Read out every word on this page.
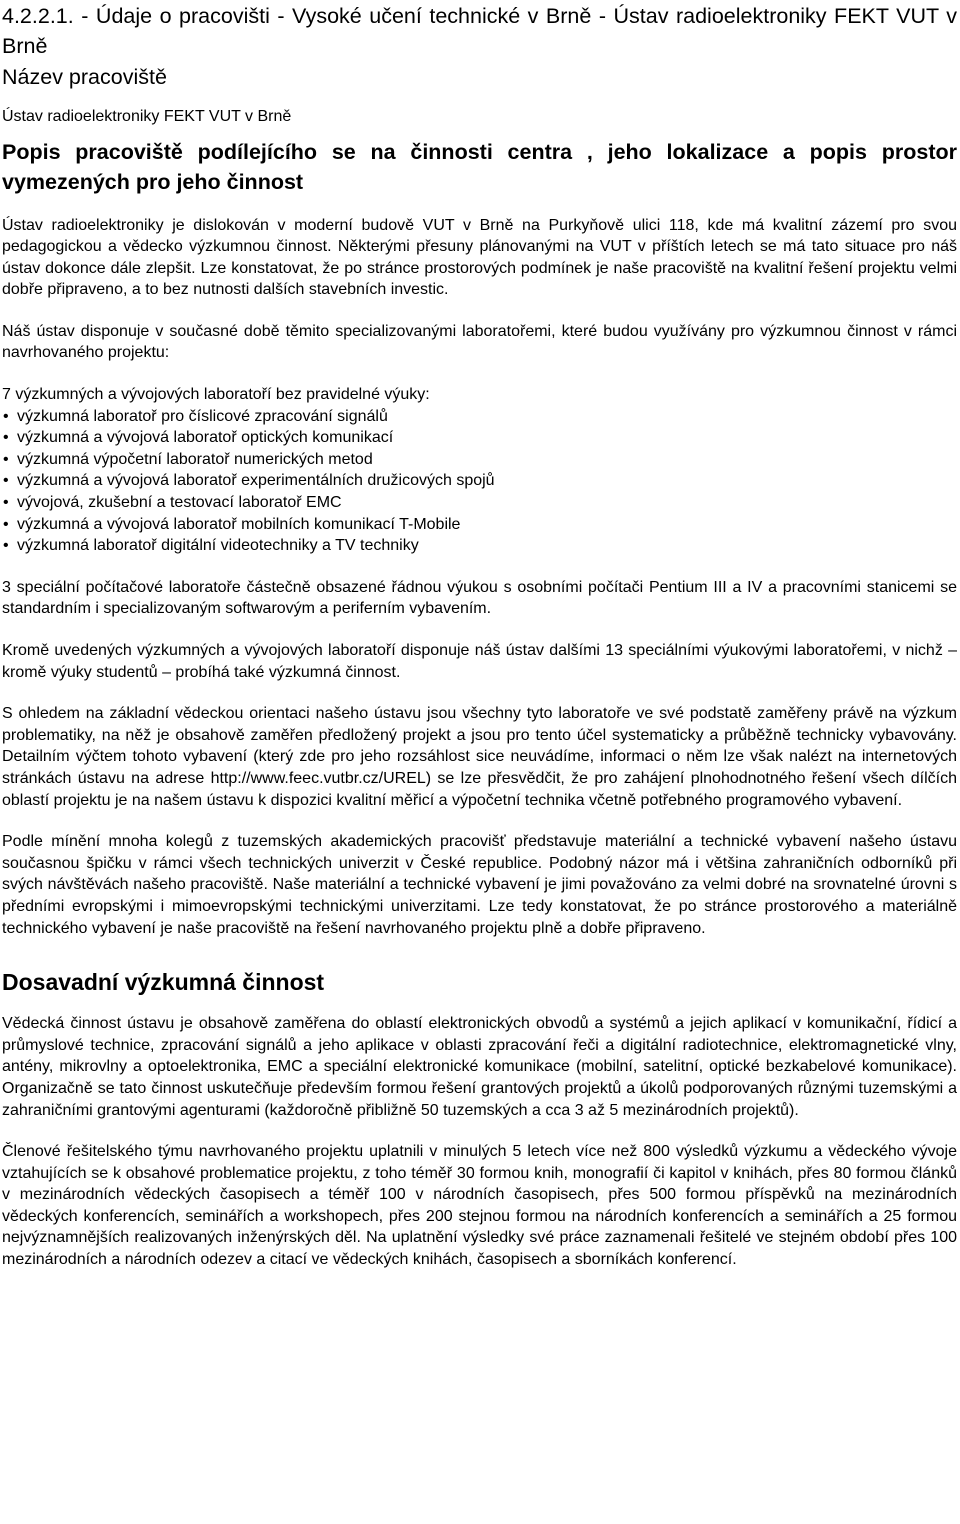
4.2.2.1. - Údaje o pracovišti - Vysoké učení technické v Brně - Ústav radioelektroniky FEKT VUT v Brně
Název pracoviště

Ústav radioelektroniky FEKT VUT v Brně

Popis pracoviště podílejícího se na činnosti centra , jeho lokalizace a popis prostor vymezených pro jeho činnost

Ústav radioelektroniky je dislokován v moderní budově VUT v Brně na Purkyňově ulici 118, kde má kvalitní zázemí pro svou pedagogickou a vědecko výzkumnou činnost. Některými přesuny plánovanými na VUT v příštích letech se má tato situace pro náš ústav dokonce dále zlepšit. Lze konstatovat, že po stránce prostorových podmínek je naše pracoviště na kvalitní řešení projektu velmi dobře připraveno, a to bez nutnosti dalších stavebních investic.

Náš ústav disponuje v současné době těmito specializovanými laboratořemi, které budou využívány pro výzkumnou činnost v rámci navrhovaného projektu:

7 výzkumných a vývojových laboratoří bez pravidelné výuky:

• výzkumná laboratoř pro číslicové zpracování signálů
• výzkumná a vývojová laboratoř optických komunikací
• výzkumná výpočetní laboratoř numerických metod
• výzkumná a vývojová laboratoř experimentálních družicových spojů
• vývojová, zkušební a testovací laboratoř EMC
• výzkumná a vývojová laboratoř mobilních komunikací T-Mobile
• výzkumná laboratoř digitální videotechniky a TV techniky

3 speciální počítačové laboratoře částečně obsazené řádnou výukou s osobními počítači Pentium III a IV a pracovními stanicemi se standardním i specializovaným softwarovým a periferním vybavením.

Kromě uvedených výzkumných a vývojových laboratoří disponuje náš ústav dalšími 13 speciálními výukovými laboratořemi, v nichž – kromě výuky studentů – probíhá také výzkumná činnost.

S ohledem na základní vědeckou orientaci našeho ústavu jsou všechny tyto laboratoře ve své podstatě zaměřeny právě na výzkum problematiky, na něž je obsahově zaměřen předložený projekt a jsou pro tento účel systematicky a průběžně technicky vybavovány. Detailním výčtem tohoto vybavení (který zde pro jeho rozsáhlost sice neuvádíme, informaci o něm lze však nalézt na internetových stránkách ústavu na adrese http://www.feec.vutbr.cz/UREL) se lze přesvědčit, že pro zahájení plnohodnotného řešení všech dílčích oblastí projektu je na našem ústavu k dispozici kvalitní měřicí a výpočetní technika včetně potřebného programového vybavení.

Podle mínění mnoha kolegů z tuzemských akademických pracovišť představuje materiální a technické vybavení našeho ústavu současnou špičku v rámci všech technických univerzit v České republice. Podobný názor má i většina zahraničních odborníků při svých návštěvách našeho pracoviště. Naše materiální a technické vybavení je jimi považováno za velmi dobré na srovnatelné úrovni s předními evropskými i mimoevropskými technickými univerzitami. Lze tedy konstatovat, že po stránce prostorového a materiálně technického vybavení je naše pracoviště na řešení navrhovaného projektu plně a dobře připraveno.

Dosavadní výzkumná činnost

Vědecká činnost ústavu je obsahově zaměřena do oblastí elektronických obvodů a systémů a jejich aplikací v komunikační, řídicí a průmyslové technice, zpracování signálů a jeho aplikace v oblasti zpracování řeči a digitální radiotechnice, elektromagnetické vlny, antény, mikrovlny a optoelektronika, EMC a speciální elektronické komunikace (mobilní, satelitní, optické bezkabelové komunikace). Organizačně se tato činnost uskutečňuje především formou řešení grantových projektů a úkolů podporovaných různými tuzemskými a zahraničními grantovými agenturami (každoročně přibližně 50 tuzemských a cca 3 až 5 mezinárodních projektů).

Členové řešitelského týmu navrhovaného projektu uplatnili v minulých 5 letech více než 800 výsledků výzkumu a vědeckého vývoje vztahujících se k obsahové problematice projektu, z toho téměř 30 formou knih, monografií či kapitol v knihách, přes 80 formou článků v mezinárodních vědeckých časopisech a téměř 100 v národních časopisech, přes 500 formou příspěvků na mezinárodních vědeckých konferencích, seminářích a workshopech, přes 200 stejnou formou na národních konferencích a seminářích a 25 formou nejvýznamnějších realizovaných inženýrských děl. Na uplatnění výsledky své práce zaznamenali řešitelé ve stejném období přes 100 mezinárodních a národních odezev a citací ve vědeckých knihách, časopisech a sborníkách konferencí.
